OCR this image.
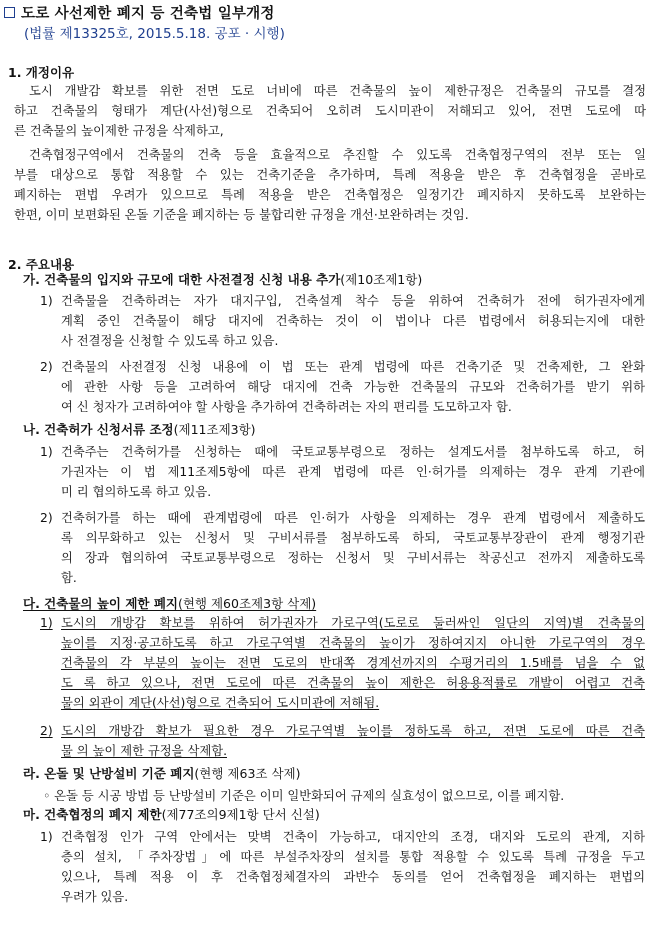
도로 사선제한 폐지 등 건축법 일부개정
(법률 제13325호, 2015.5.18. 공포 · 시행)
1. 개정이유
도시 개발감 확보를 위한 전면 도로 너비에 따른 건축물의 높이 제한규정은 건축물의 규모를 결정
하고 건축물의 형태가 계단(사선)형으로 건축되어 오히려 도시미관이 저해되고 있어, 전면 도로에 따
른 건축물의 높이제한 규정을 삭제하고,
건축협정구역에서 건축물의 건축 등을 효율적으로 추진할 수 있도록 건축협정구역의 전부 또는 일
부를 대상으로 통합 적용할 수 있는 건축기준을 추가하며, 특례 적용을 받은 후 건축협정을 곧바로
폐지하는 편법 우려가 있으므로 특례 적용을 받은 건축협정은 일정기간 폐지하지 못하도록 보완하는
한편, 이미 보편화된 온돌 기준을 폐지하는 등 불합리한 규정을 개선·보완하려는 것임.
2. 주요내용
가. 건축물의 입지와 규모에 대한 사전결정 신청 내용 추가(제10조제1항)
1) 건축물을 건축하려는 자가 대지구입, 건축설계 착수 등을 위하여 건축허가 전에 허가권자에게
계획 중인 건축물이 해당 대지에 건축하는 것이 이 법이나 다른 법령에서 허용되는지에 대한
사 전결정을 신청할 수 있도록 하고 있음.
2) 건축물의 사전결정 신청 내용에 이 법 또는 관계 법령에 따른 건축기준 및 건축제한, 그 완화
에 관한 사항 등을 고려하여 해당 대지에 건축 가능한 건축물의 규모와 건축허가를 받기 위하
여 신 청자가 고려하여야 할 사항을 추가하여 건축하려는 자의 편리를 도모하고자 함.
나. 건축허가 신청서류 조정(제11조제3항)
1) 건축주는 건축허가를 신청하는 때에 국토교통부령으로 정하는 설계도서를 첨부하도록 하고, 허
가권자는 이 법 제11조제5항에 따른 관계 법령에 따른 인·허가를 의제하는 경우 관계 기관에
미 리 협의하도록 하고 있음.
2) 건축허가를 하는 때에 관계법령에 따른 인·허가 사항을 의제하는 경우 관계 법령에서 제출하도
록 의무화하고 있는 신청서 및 구비서류를 첨부하도록 하되, 국토교통부장관이 관계 행정기관
의 장과 협의하여 국토교통부령으로 정하는 신청서 및 구비서류는 착공신고 전까지 제출하도록
함.
다. 건축물의 높이 제한 폐지(현행 제60조제3항 삭제)
1) 도시의 개방감 확보를 위하여 허가권자가 가로구역(도로로 둘러싸인 일단의 지역)별 건축물의
높이를 지정·공고하도록 하고 가로구역별 건축물의 높이가 정하여지지 아니한 가로구역의 경우
건축물의 각 부분의 높이는 전면 도로의 반대쪽 경계선까지의 수평거리의 1.5배를 넘을 수 없
도 록 하고 있으나, 전면 도로에 따른 건축물의 높이 제한은 허용용적률로 개발이 어렵고 건축
물의 외관이 계단(사선)형으로 건축되어 도시미관에 저해됨.
2) 도시의 개방감 확보가 필요한 경우 가로구역별 높이를 정하도록 하고, 전면 도로에 따른 건축
물 의 높이 제한 규정을 삭제함.
라. 온돌 및 난방설비 기준 폐지(현행 제63조 삭제)
◦ 온돌 등 시공 방법 등 난방설비 기준은 이미 일반화되어 규제의 실효성이 없으므로, 이를 폐지함.
마. 건축협정의 폐지 제한(제77조의9제1항 단서 신설)
1) 건축협정 인가 구역 안에서는 맞벽 건축이 가능하고, 대지안의 조경, 대지와 도로의 관계, 지하
층의 설치, 「주차장법」에 따른 부설주차장의 설치를 통합 적용할 수 있도록 특례 규정을 두고
있으나, 특례 적용 이 후 건축협정체결자의 과반수 동의를 얻어 건축협정을 폐지하는 편법의
우려가 있음.
